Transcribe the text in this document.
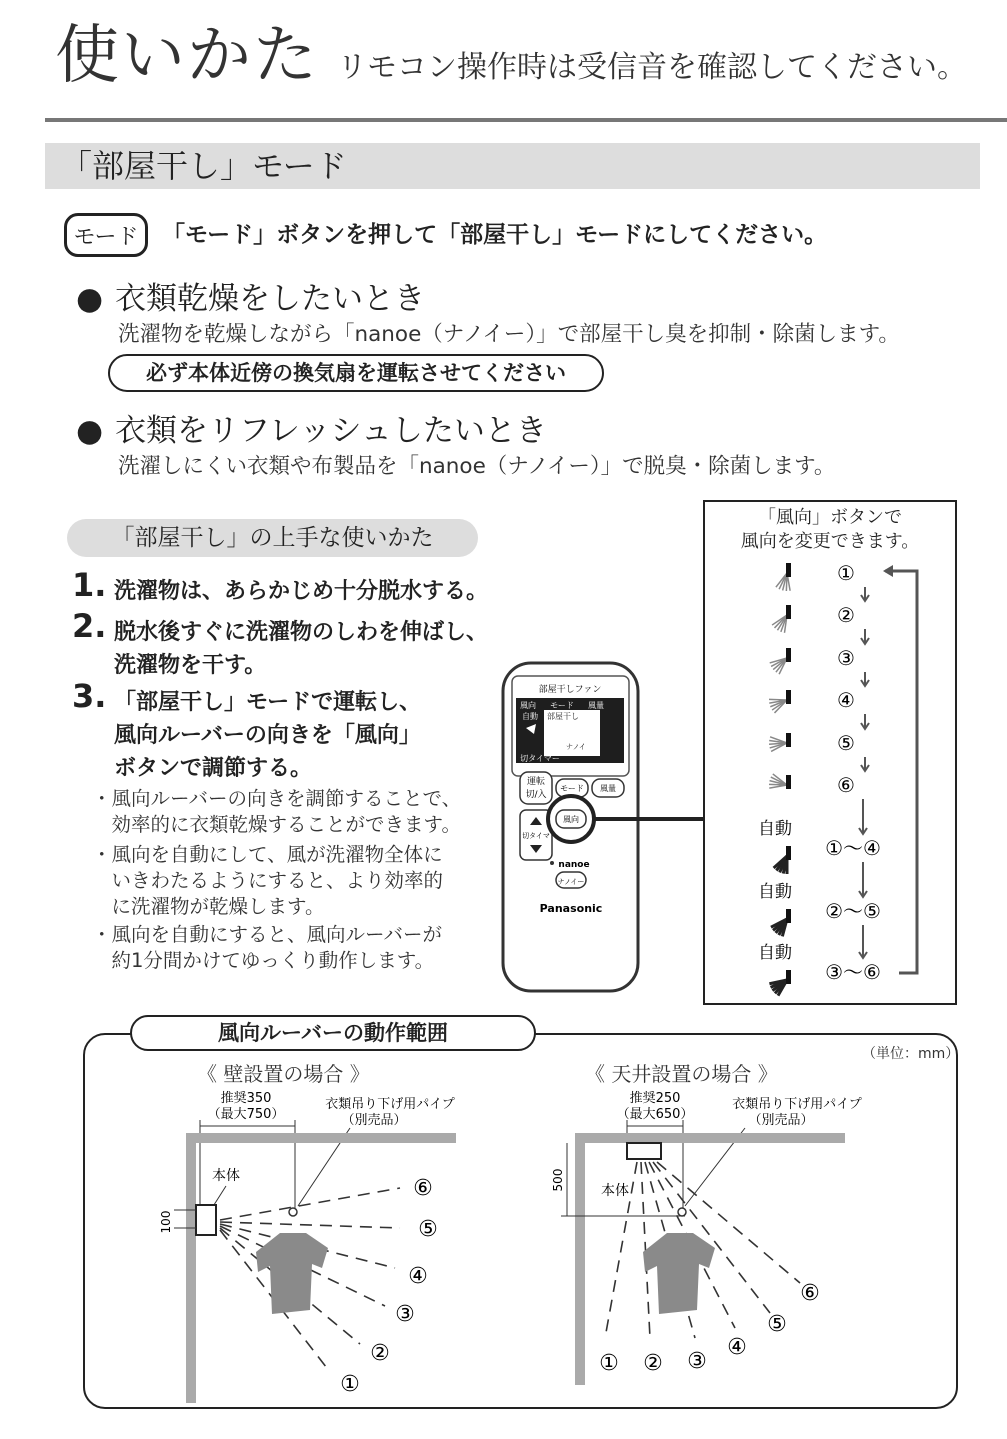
使いかた リモコン操作時は受信音を確認してください。
「部屋干し」モード
モード	「モード」ボタンを押して「部屋干し」モードにしてください。
● 衣類乾燥をしたいとき
洗濯物を乾燥しながら「nanoe（ナノイー）」で部屋干し臭を抑制・除菌します。
必ず本体近傍の換気扇を運転させてください
● 衣類をリフレッシュしたいとき
洗濯しにくい衣類や布製品を「nanoe（ナノイー）」で脱臭・除菌します。
「部屋干し」の上手な使いかた
1. 洗濯物は、あらかじめ十分脱水する。
2. 脱水後すぐに洗濯物のしわを伸ばし、
洗濯物を干す。
3. 「部屋干し」モードで運転し、
風向ルーバーの向きを「風向」
ボタンで調節する。
・風向ルーバーの向きを調節することで、
　効率的に衣類乾燥することができます。
・風向を自動にして、風が洗濯物全体に
　いきわたるようにすると、より効率的
　に洗濯物が乾燥します。
・風向を自動にすると、風向ルーバーが
　約1分間かけてゆっくり動作します。
部屋干しファン
風向 モード 風量
自動 部屋干し 強
ナノイ
切タイマー
運転
切/入
モード 風量
切タイマ
風向
nanoe
ナノイー
Panasonic
「風向」ボタンで
風向を変更できます。
①
②
③
④
⑤
⑥
自動
①〜④
自動
②〜⑤
自動
③〜⑥
風向ルーバーの動作範囲
（単位：mm）
《 壁設置の場合 》	《 天井設置の場合 》
推奨350
（最大750）
衣類吊り下げ用パイプ
（別売品）
本体
100
⑥
⑤
④
③
②
①
推奨250
（最大650）
衣類吊り下げ用パイプ
（別売品）
500	本体
① ② ③
④
⑤
⑥
